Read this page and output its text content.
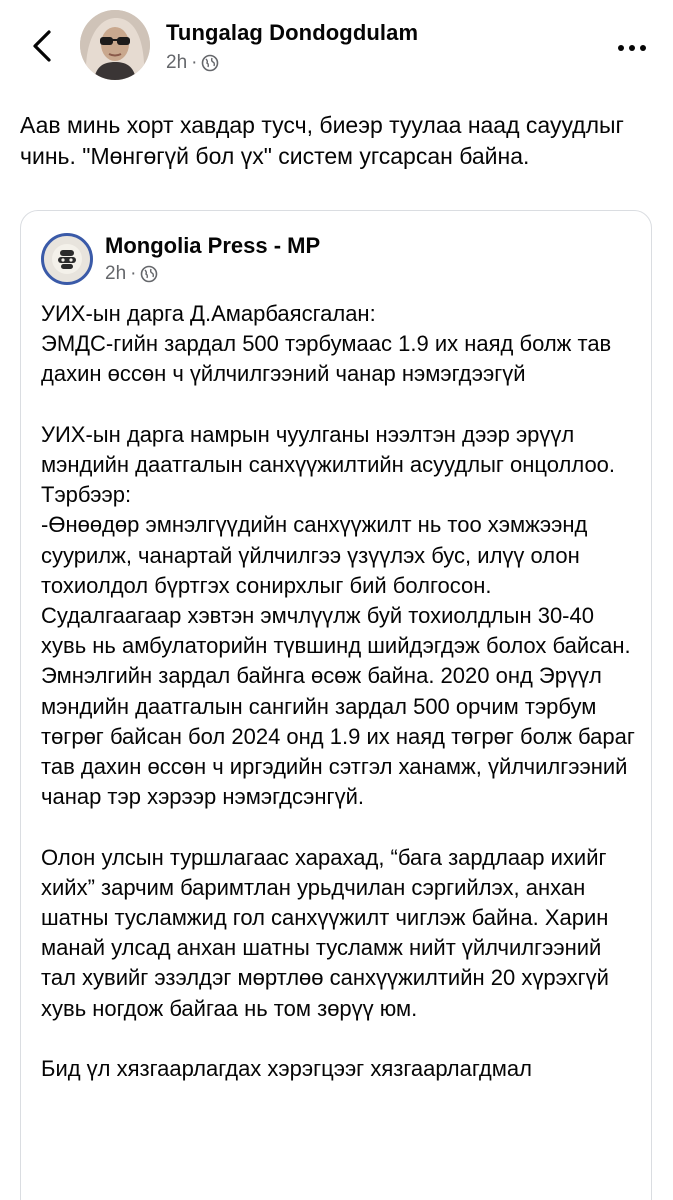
Tungalag Dondogdulam
2h ·
Аав минь хорт хавдар тусч, биеэр туулаа наад сауудлыг чинь. "Мөнгөгүй бол үх" систем угсарсан байна.
Mongolia Press - MP
2h ·

УИХ-ын дарга Д.Амарбаясгалан:
ЭМДС-гийн зардал 500 тэрбумаас 1.9 их наяд болж тав дахин өссөн ч үйлчилгээний чанар нэмэгдээгүй

УИХ-ын дарга намрын чуулганы нээлтэн дээр эрүүл мэндийн даатгалын санхүүжилтийн асуудлыг онцоллоо.

Тэрбээр:

-Өнөөдөр эмнэлгүүдийн санхүүжилт нь тоо хэмжээнд суурилж, чанартай үйлчилгээ үзүүлэх бус, илүү олон тохиолдол бүртгэх сонирхлыг бий болгосон. Судалгаагаар хэвтэн эмчлүүлж буй тохиолдлын 30-40 хувь нь амбулаторийн түвшинд шийдэгдэж болох байсан. Эмнэлгийн зардал байнга өсөж байна. 2020 онд Эрүүл мэндийн даатгалын сангийн зардал 500 орчим тэрбум төгрөг байсан бол 2024 онд 1.9 их наяд төгрөг болж бараг тав дахин өссөн ч иргэдийн сэтгэл ханамж, үйлчилгээний чанар тэр хэрээр нэмэгдсэнгүй.

Олон улсын туршлагаас харахад, “бага зардлаар ихийг хийх” зарчим баримтлан урьдчилан сэргийлэх, анхан шатны тусламжид гол санхүүжилт чиглэж байна. Харин манай улсад анхан шатны тусламж нийт үйлчилгээний тал хувийг эзэлдэг мөртлөө санхүүжилтийн 20 хүрэхгүй хувь ногдож байгаа нь том зөрүү юм.

Бид үл хязгаарлагдах хэрэгцээг хязгаарлагдмал
